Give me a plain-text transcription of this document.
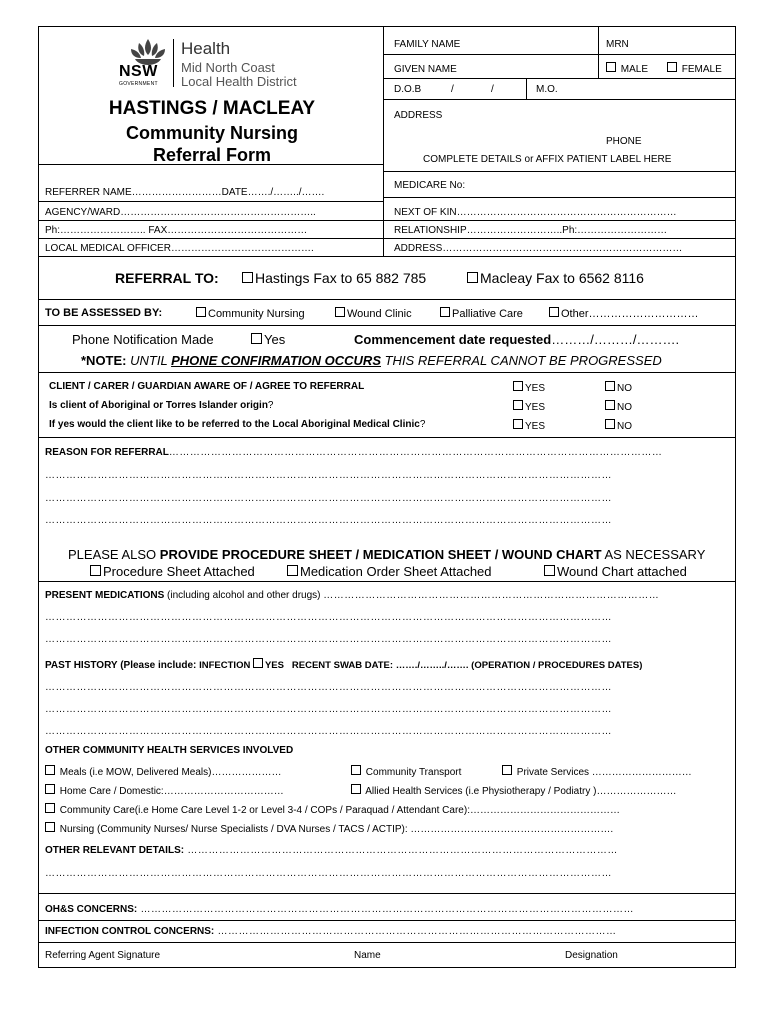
NSW
GOVERNMENT
Health
Mid North Coast
Local Health District
HASTINGS / MACLEAY
Community Nursing
Referral Form
FAMILY NAME	MRN
GIVEN NAME	MALE	FEMALE
D.O.B	/	/	M.O.
ADDRESS
PHONE
COMPLETE DETAILS or AFFIX PATIENT LABEL HERE
MEDICARE No:
REFERRER NAME………………………DATE……./……../…….
AGENCY/WARD…………………………………………………..	NEXT OF KIN…………………………………………………………
Ph:…………………….. FAX……………………………………	RELATIONSHIP………………………..Ph:………………………
LOCAL MEDICAL OFFICER…………………………………….	ADDRESS………………………………………………………………
REFERRAL TO:	Hastings Fax to 65 882 785	Macleay Fax to 6562 8116
TO BE ASSESSED BY:	Community Nursing	Wound Clinic	Palliative Care	Other…………………………
Phone Notification Made	Yes	Commencement date requested………/………/……….
*NOTE: UNTIL PHONE CONFIRMATION OCCURS THIS REFERRAL CANNOT BE PROGRESSED
CLIENT / CARER / GUARDIAN AWARE OF / AGREE TO REFERRAL	YES	NO
Is client of Aboriginal or Torres Islander origin?	YES	NO
If yes would the client like to be referred to the Local Aboriginal Medical Clinic?	YES	NO
REASON FOR REFERRAL……………………………………………………………………………………………………………………………
………………………………………………………………………………………………………………………………………………
………………………………………………………………………………………………………………………………………………
………………………………………………………………………………………………………………………………………………
PLEASE ALSO PROVIDE PROCEDURE SHEET / MEDICATION SHEET / WOUND CHART AS NECESSARY
Procedure Sheet Attached	Medication Order Sheet Attached	Wound Chart attached
PRESENT MEDICATIONS (including alcohol and other drugs) ……………………………………………………………………………………
………………………………………………………………………………………………………………………………………………
………………………………………………………………………………………………………………………………………………
PAST HISTORY (Please include: INFECTION YES RECENT SWAB DATE: ……./……../……. (OPERATION / PROCEDURES DATES)
………………………………………………………………………………………………………………………………………………
………………………………………………………………………………………………………………………………………………
………………………………………………………………………………………………………………………………………………
OTHER COMMUNITY HEALTH SERVICES INVOLVED
Meals (i.e MOW, Delivered Meals)…………………	Community Transport	Private Services …………………………
Home Care / Domestic:………………………………	Allied Health Services (i.e Physiotherapy / Podiatry )……………………
Community Care(i.e Home Care Level 1-2 or Level 3-4 / COPs / Paraquad / Attendant Care):………………………………………
Nursing (Community Nurses/ Nurse Specialists / DVA Nurses / TACS / ACTIP): …………………………………………………….
OTHER RELEVANT DETAILS: ……………………………………………………………………………………………………………
………………………………………………………………………………………………………………………………………………
OH&S CONCERNS: ……………………………………………………………………………………………………………………………
INFECTION CONTROL CONCERNS: ……………………………………………………………………………………………………
Referring Agent Signature	Name	Designation
